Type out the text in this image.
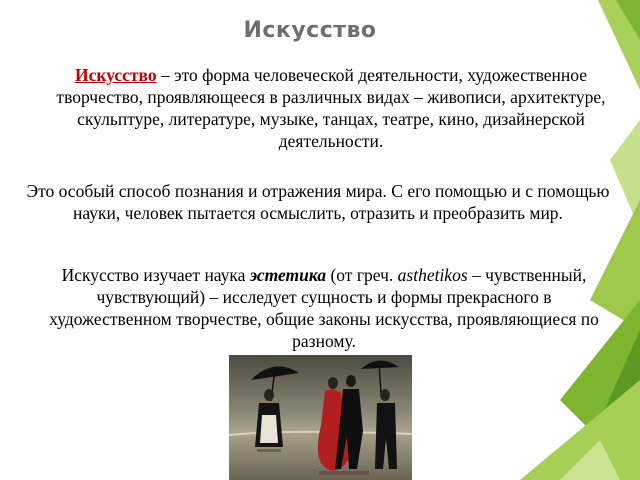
Искусство

Искусство – это форма человеческой деятельности, художественное творчество, проявляющееся в различных видах – живописи, архитектуре, скульптуре, литературе, музыке, танцах, театре, кино, дизайнерской деятельности.

Это особый способ познания и отражения мира. С его помощью и с помощью науки, человек пытается осмыслить, отразить и преобразить мир.

Искусство изучает наука эстетика (от греч. asthetikos – чувственный, чувствующий) – исследует сущность и формы прекрасного в художественном творчестве, общие законы искусства, проявляющиеся по разному.
